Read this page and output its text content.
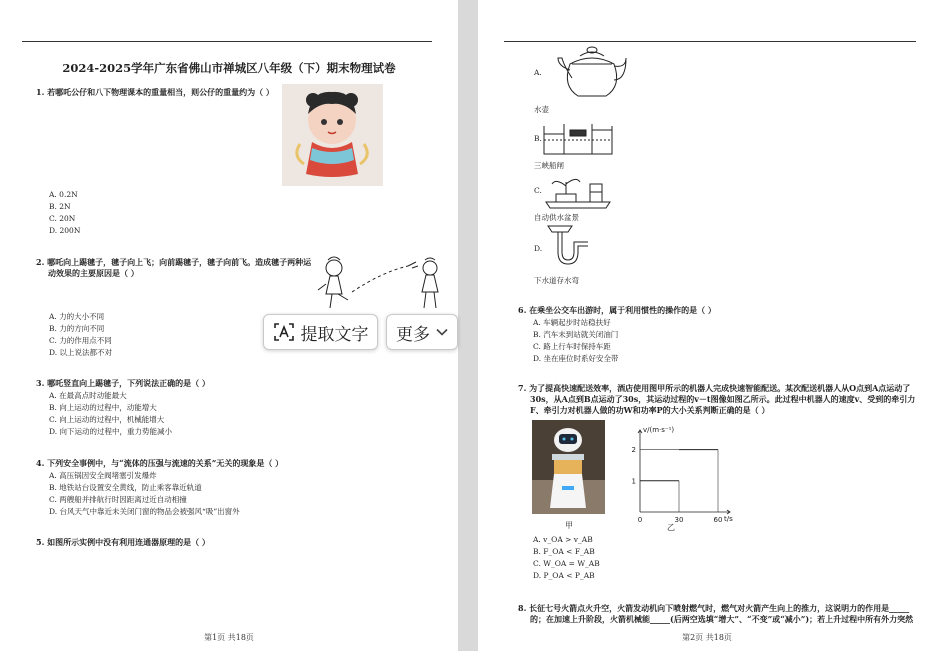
2024-2025学年广东省佛山市禅城区八年级（下）期末物理试卷
1. 若哪吒公仔和八下物理课本的重量相当，则公仔的重量约为（ ）
A. 0.2N
B. 2N
C. 20N
D. 200N
2. 哪吒向上踢毽子，毽子向上飞；向前踢毽子，毽子向前飞。造成毽子两种运
动效果的主要原因是（ ）
A. 力的大小不同
B. 力的方向不同
C. 力的作用点不同
D. 以上说法都不对
3. 哪吒竖直向上踢毽子，下列说法正确的是（ ）
A. 在最高点时动能最大
B. 向上运动的过程中，动能增大
C. 向上运动的过程中，机械能增大
D. 向下运动的过程中，重力势能减小
4. 下列安全事例中，与“流体的压强与流速的关系”无关的现象是（ ）
A. 高压锅因安全阀堵塞引发爆炸
B. 地铁站台设置安全黄线，防止乘客靠近轨道
C. 两艘船并排航行时因距离过近自动相撞
D. 台风天气中靠近未关闭门窗的物品会被强风“吸”出窗外
5. 如图所示实例中没有利用连通器原理的是（ ）
第1页 共18页
A.
水壶
B.
三峡船闸
C.
自动供水盆景
D.
下水道存水弯
6. 在乘坐公交车出游时，属于利用惯性的操作的是（ ）
A. 车辆起步时站稳扶好
B. 汽车未到站就关闭油门
C. 路上行车时保持车距
D. 坐在座位时系好安全带
7. 为了提高快速配送效率，酒店使用图甲所示的机器人完成快速智能配送。某次配送机器人从O点到A点运动了
30s，从A点到B点运动了30s，其运动过程的v－t图像如图乙所示。此过程中机器人的速度v、受到的牵引力
F、牵引力对机器人做的功W和功率P的大小关系判断正确的是（ ）
甲
0	30	60
1
2
t/s
v/(m·s⁻¹)
乙
A. v_OA > v_AB
B. F_OA < F_AB
C. W_OA = W_AB
D. P_OA < P_AB
8. 长征七号火箭点火升空，火箭发动机向下喷射燃气时，燃气对火箭产生向上的推力，这说明力的作用是_____
的；在加速上升阶段，火箭机械能_____(后两空选填“增大”、“不变”或“减小”)；若上升过程中所有外力突然
第2页 共18页
提取文字 更多
